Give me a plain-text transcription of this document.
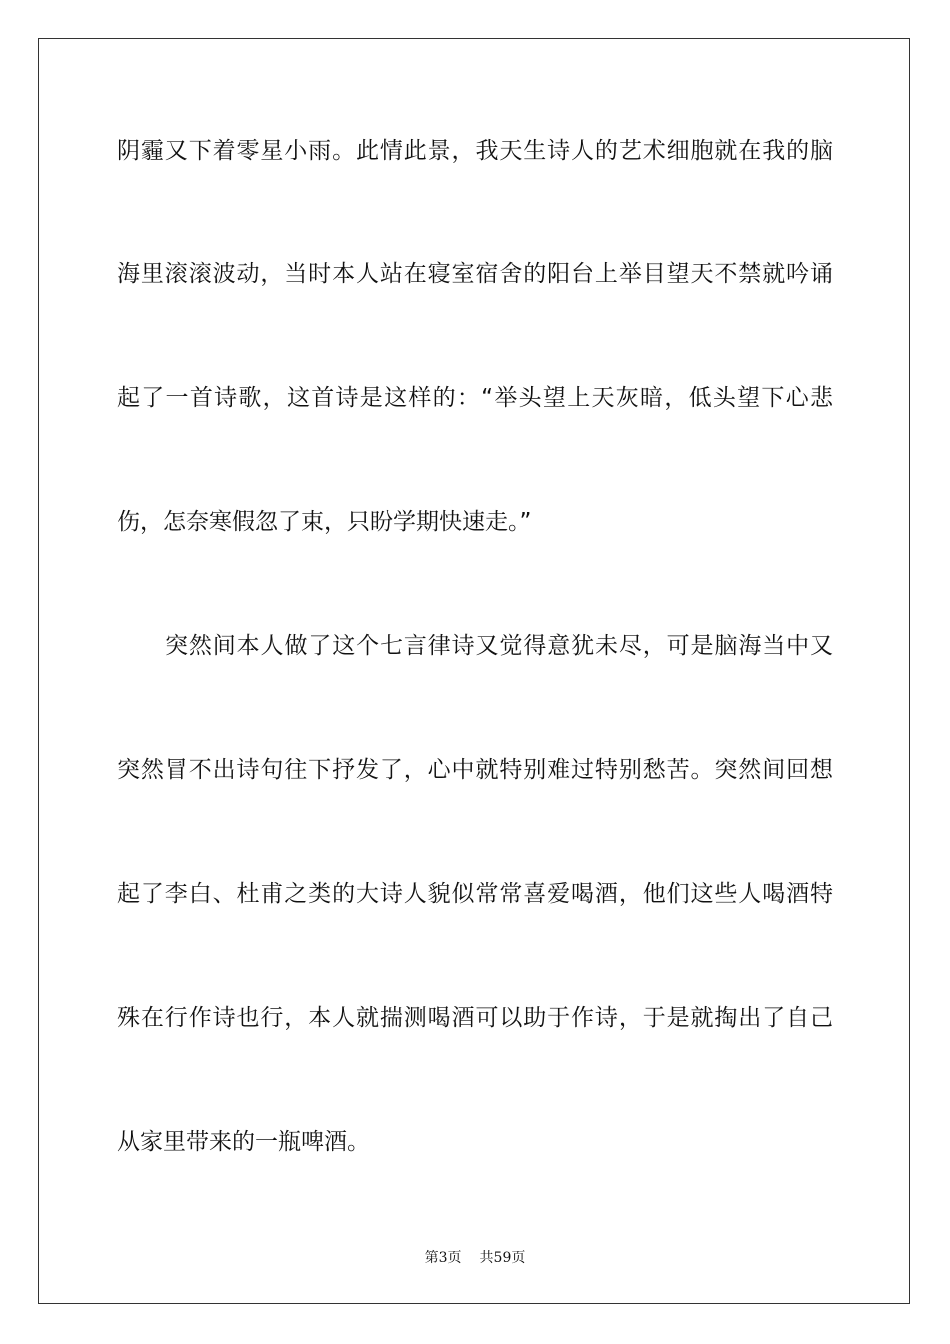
阴霾又下着零星小雨。此情此景，我天生诗人的艺术细胞就在我的脑
海里滚滚波动，当时本人站在寝室宿舍的阳台上举目望天不禁就吟诵
起了一首诗歌，这首诗是这样的：“举头望上天灰暗，低头望下心悲
伤，怎奈寒假忽了束，只盼学期快速走。”
突然间本人做了这个七言律诗又觉得意犹未尽，可是脑海当中又
突然冒不出诗句往下抒发了，心中就特别难过特别愁苦。突然间回想
起了李白、杜甫之类的大诗人貌似常常喜爱喝酒，他们这些人喝酒特
殊在行作诗也行，本人就揣测喝酒可以助于作诗，于是就掏出了自己
从家里带来的一瓶啤酒。
第3页 共59页
